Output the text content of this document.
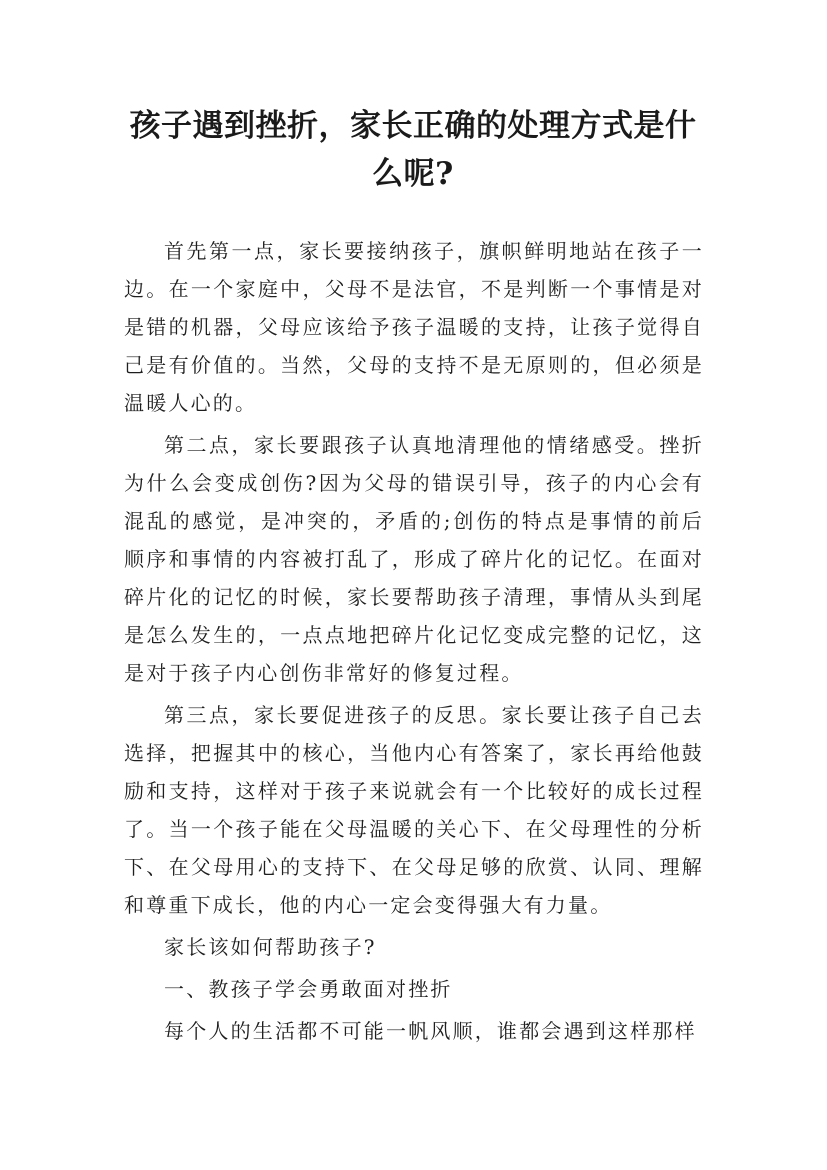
孩子遇到挫折，家长正确的处理方式是什么呢?

首先第一点，家长要接纳孩子，旗帜鲜明地站在孩子一边。在一个家庭中，父母不是法官，不是判断一个事情是对是错的机器，父母应该给予孩子温暖的支持，让孩子觉得自己是有价值的。当然，父母的支持不是无原则的，但必须是温暖人心的。

第二点，家长要跟孩子认真地清理他的情绪感受。挫折为什么会变成创伤?因为父母的错误引导，孩子的内心会有混乱的感觉，是冲突的，矛盾的;创伤的特点是事情的前后顺序和事情的内容被打乱了，形成了碎片化的记忆。在面对碎片化的记忆的时候，家长要帮助孩子清理，事情从头到尾是怎么发生的，一点点地把碎片化记忆变成完整的记忆，这是对于孩子内心创伤非常好的修复过程。

第三点，家长要促进孩子的反思。家长要让孩子自己去选择，把握其中的核心，当他内心有答案了，家长再给他鼓励和支持，这样对于孩子来说就会有一个比较好的成长过程了。当一个孩子能在父母温暖的关心下、在父母理性的分析下、在父母用心的支持下、在父母足够的欣赏、认同、理解和尊重下成长，他的内心一定会变得强大有力量。

家长该如何帮助孩子?

一、教孩子学会勇敢面对挫折

每个人的生活都不可能一帆风顺，谁都会遇到这样那样
